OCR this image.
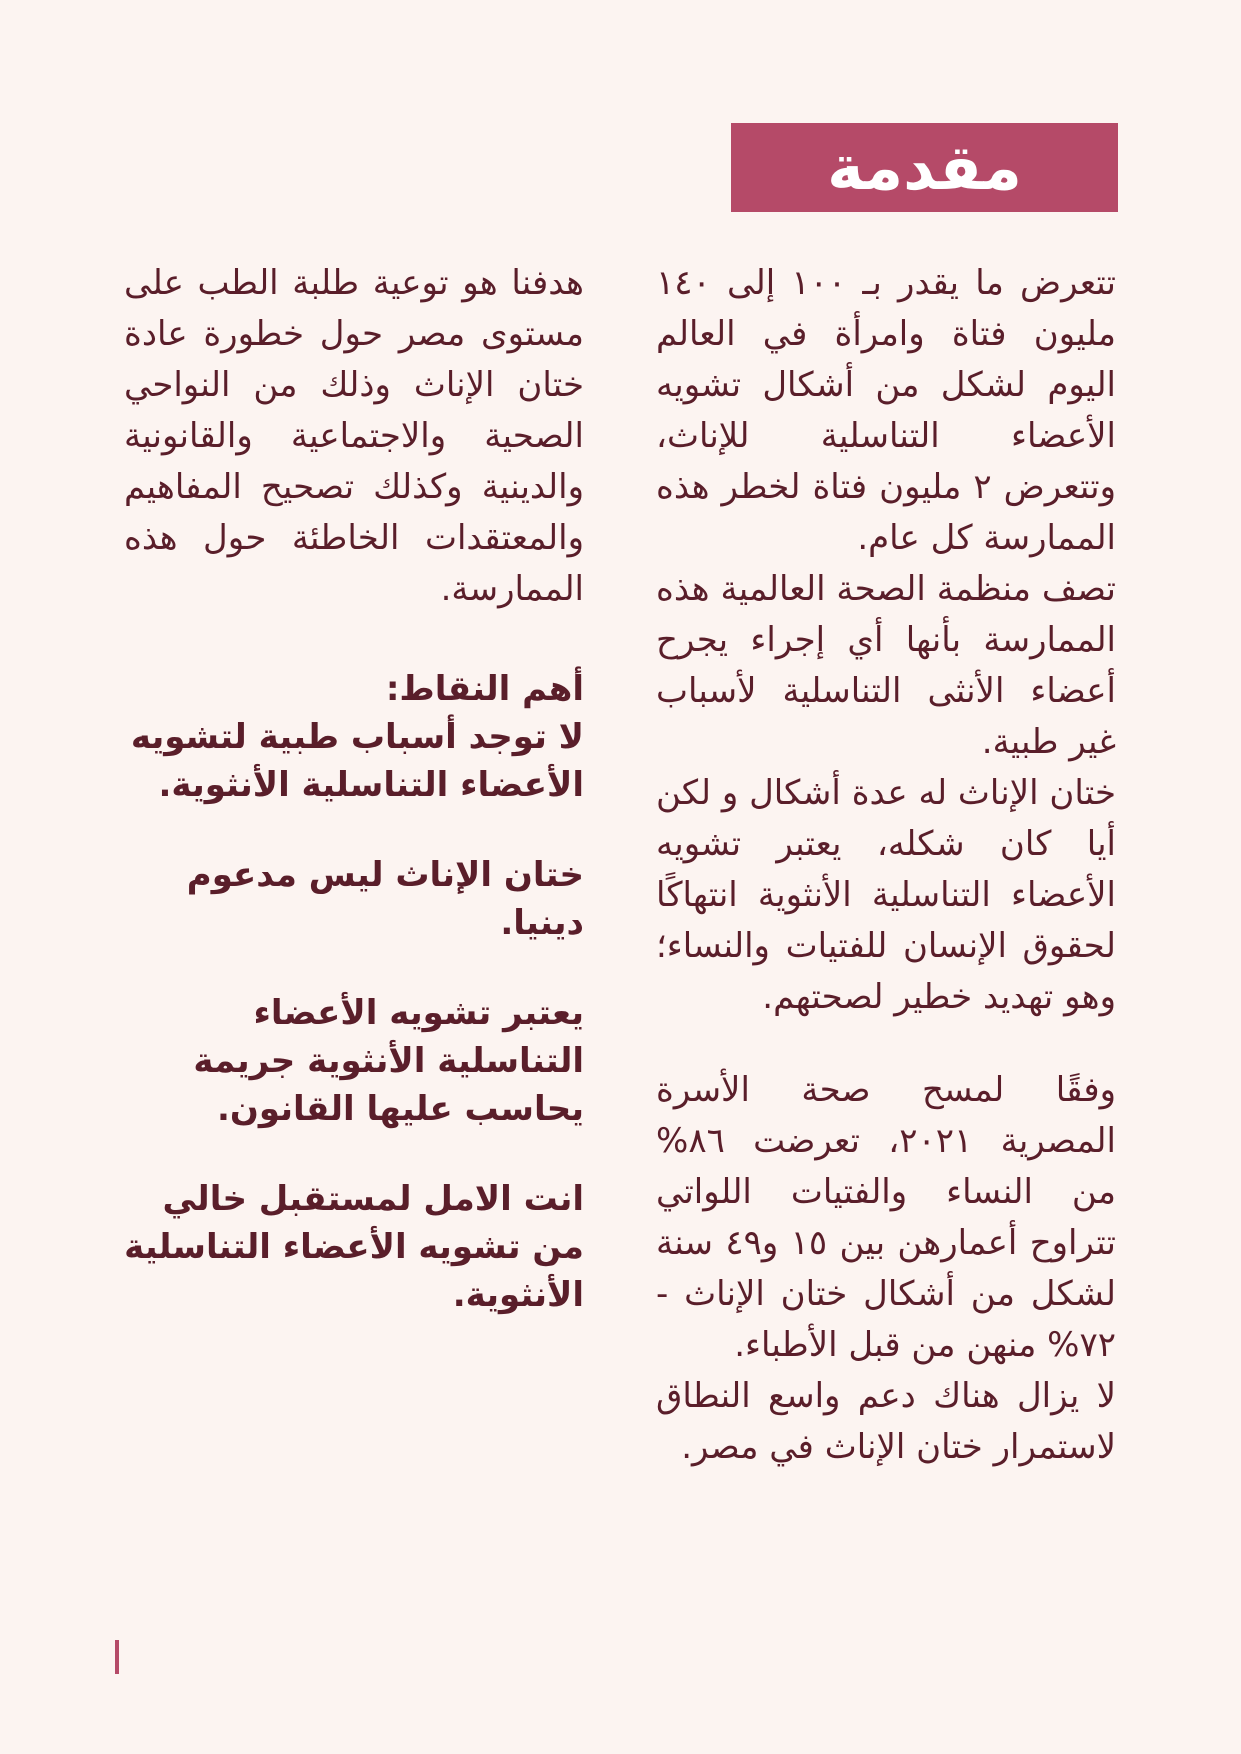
مقدمة

تتعرض ما يقدر بـ ١٠٠ إلى ١٤٠ مليون فتاة وامرأة في العالم اليوم لشكل من أشكال تشويه الأعضاء التناسلية للإناث، وتتعرض ٢ مليون فتاة لخطر هذه الممارسة كل عام.

تصف منظمة الصحة العالمية هذه الممارسة بأنها أي إجراء يجرح أعضاء الأنثى التناسلية لأسباب غير طبية.

ختان الإناث له عدة أشكال و لكن أيا كان شكله، يعتبر تشويه الأعضاء التناسلية الأنثوية انتهاكًا لحقوق الإنسان للفتيات والنساء؛ وهو تهديد خطير لصحتهم.

وفقًا لمسح صحة الأسرة المصرية ٢٠٢١، تعرضت ٨٦% من النساء والفتيات اللواتي تتراوح أعمارهن بين ١٥ و٤٩ سنة لشكل من أشكال ختان الإناث - ٧٢% منهن من قبل الأطباء.

لا يزال هناك دعم واسع النطاق لاستمرار ختان الإناث في مصر.

هدفنا هو توعية طلبة الطب على مستوى مصر حول خطورة عادة ختان الإناث وذلك من النواحي الصحية والاجتماعية والقانونية والدينية وكذلك تصحيح المفاهيم والمعتقدات الخاطئة حول هذه الممارسة.

أهم النقاط:

لا توجد أسباب طبية لتشويه الأعضاء التناسلية الأنثوية.

ختان الإناث ليس مدعوم دينيا.

يعتبر تشويه الأعضاء التناسلية الأنثوية جريمة يحاسب عليها القانون.

انت الامل لمستقبل خالي من تشويه الأعضاء التناسلية الأنثوية.
